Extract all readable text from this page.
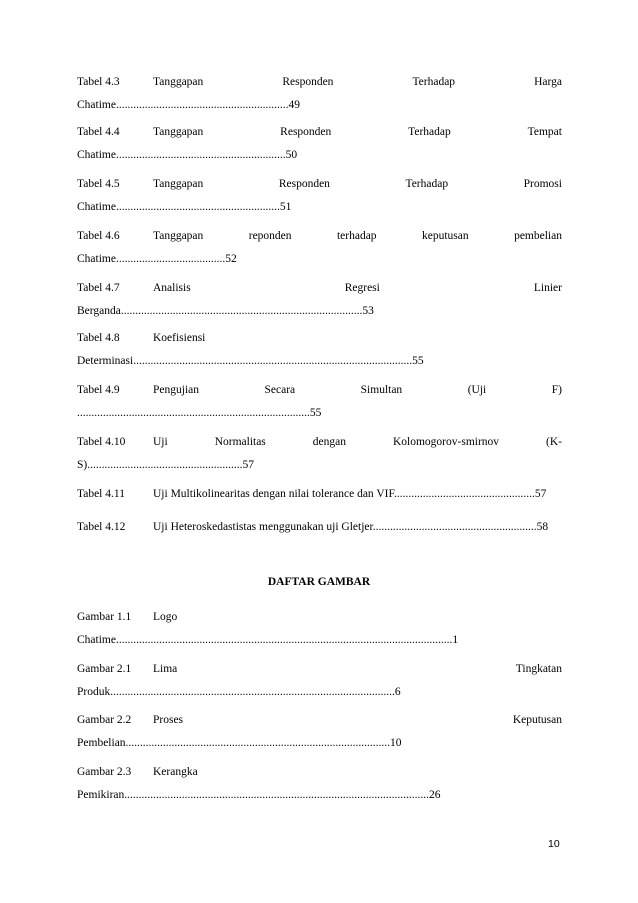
Tabel 4.3	Tanggapan	Responden	Terhadap	Harga
Chatime............................................................49
Tabel 4.4	Tanggapan	Responden	Terhadap	Tempat
Chatime...........................................................50
Tabel 4.5	Tanggapan	Responden	Terhadap	Promosi
Chatime.........................................................51
Tabel 4.6	Tanggapan	reponden	terhadap	keputusan	pembelian
Chatime......................................52
Tabel 4.7	Analisis	Regresi	Linier
Berganda....................................................................................53
Tabel 4.8	Koefisiensi
Determinasi.................................................................................................55
Tabel 4.9	Pengujian	Secara	Simultan	(Uji	F)
.................................................................................55
Tabel 4.10 Uji	Normalitas	dengan	Kolomogorov-smirnov	(K-
S)......................................................57
Tabel 4.11 Uji Multikolinearitas dengan nilai tolerance dan VIF.................................................57
Tabel 4.12 Uji Heteroskedastistas menggunakan uji Gletjer.........................................................58
DAFTAR GAMBAR
Gambar 1.1 Logo
Chatime.....................................................................................................................1
Gambar 2.1 Lima	Tingkatan
Produk...................................................................................................6
Gambar 2.2 Proses	Keputusan
Pembelian............................................................................................10
Gambar 2.3 Kerangka
Pemikiran..........................................................................................................26
10
